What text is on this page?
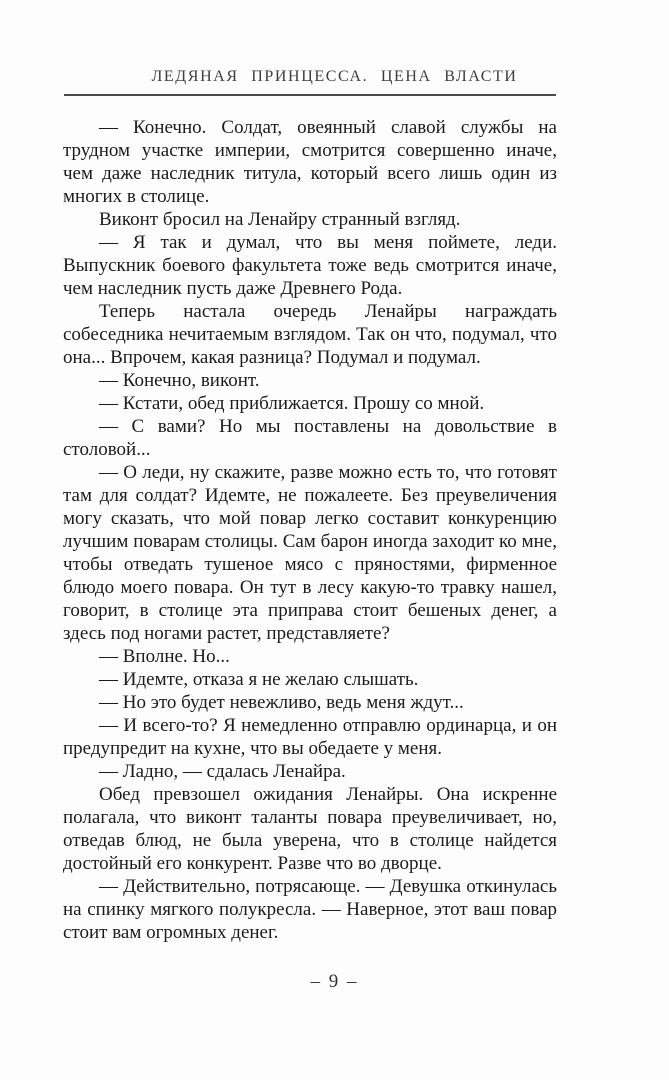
ЛЕДЯНАЯ ПРИНЦЕССА. ЦЕНА ВЛАСТИ

— Конечно. Солдат, овеянный славой службы на трудном участке империи, смотрится совершенно иначе, чем даже наследник титула, который всего лишь один из многих в столице.

Виконт бросил на Ленайру странный взгляд.

— Я так и думал, что вы меня поймете, леди. Выпускник боевого факультета тоже ведь смотрится иначе, чем наследник пусть даже Древнего Рода.

Теперь настала очередь Ленайры награждать собеседника нечитаемым взглядом. Так он что, подумал, что она... Впрочем, какая разница? Подумал и подумал.

— Конечно, виконт.

— Кстати, обед приближается. Прошу со мной.

— С вами? Но мы поставлены на довольствие в столовой...

— О леди, ну скажите, разве можно есть то, что готовят там для солдат? Идемте, не пожалеете. Без преувеличения могу сказать, что мой повар легко составит конкуренцию лучшим поварам столицы. Сам барон иногда заходит ко мне, чтобы отведать тушеное мясо с пряностями, фирменное блюдо моего повара. Он тут в лесу какую-то травку нашел, говорит, в столице эта приправа стоит бешеных денег, а здесь под ногами растет, представляете?

— Вполне. Но...

— Идемте, отказа я не желаю слышать.

— Но это будет невежливо, ведь меня ждут...

— И всего-то? Я немедленно отправлю ординарца, и он предупредит на кухне, что вы обедаете у меня.

— Ладно, — сдалась Ленайра.

Обед превзошел ожидания Ленайры. Она искренне полагала, что виконт таланты повара преувеличивает, но, отведав блюд, не была уверена, что в столице найдется достойный его конкурент. Разве что во дворце.

— Действительно, потрясающе. — Девушка откинулась на спинку мягкого полукресла. — Наверное, этот ваш повар стоит вам огромных денег.

– 9 –
